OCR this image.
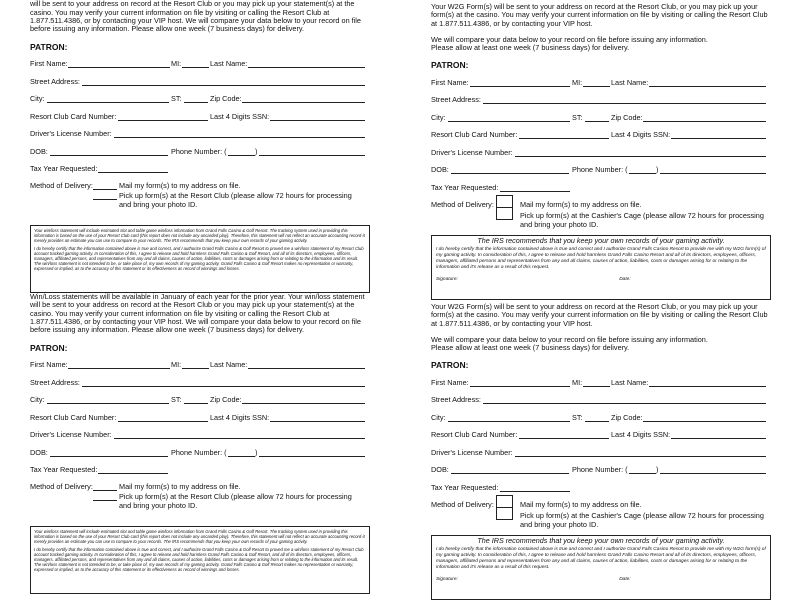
will be sent to your address on record at the Resort Club or you may pick up your statement(s) at the casino. You may verify your current information on file by visiting or calling the Resort Club at 1.877.511.4386, or by contacting your VIP host. We will compare your data below to your record on file before issuing any information. Please allow one week (7 business days) for delivery.
PATRON:
First Name:	MI:	Last Name:
Street Address:
City:	ST:	Zip Code:
Resort Club Card Number:	Last 4 Digits SSN:
Driver's License Number:
DOB:	Phone Number: (	)
Tax Year Requested:
Method of Delivery:	Mail my form(s) to my address on file.
Pick up form(s) at the Resort Club (please allow 72 hours for processing and bring your photo ID.

Your win/loss statement will include estimated slot and table game win/loss information from Grand Falls Casino & Golf Resort. The tracking system used in providing this information is based on the use of your Resort Club card (this report does not include any uncarded play). Therefore, this statement will not reflect an accurate accounting record-it merely provides an estimate you can use to compare to your records. The IRS recommends that you keep your own records of your gaming activity.

I do hereby certify that the information contained above is true and correct, and I authorize Grand Falls Casino & Golf Resort to proved me a win/loss statement of my Resort Club account tracked gaming activity. In consideration of this, I agree to release and hold harmless Grand Falls Casino & Golf Resort, and all of its directors, employees, officers, managers, affiliated persons, and representatives from any and all claims, causes of action, liabilities, costs or damages arising from or relating to the information and its result. The win/loss statement is not intended to be, or take place of, my own records of my gaming activity. Grand Falls Casino & Golf Resort makes no representation or warranty, expressed or implied, as to the accuracy of this statement or its effectiveness as record of winnings and losses.

Win/Loss statements will be available in January of each year for the prior year. Your win/loss statement will be sent to your address on record at the Resort Club or you may pick up your statement(s) at the casino. You may verify your current information on file by visiting or calling the Resort Club at 1.877.511.4386, or by contacting your VIP host. We will compare your data below to your record on file before issuing any information. Please allow one week (7 business days) for delivery.
PATRON:
First Name:	MI:	Last Name:
Street Address:
City:	ST:	Zip Code:
Resort Club Card Number:	Last 4 Digits SSN:
Driver's License Number:
DOB:	Phone Number: (	)
Tax Year Requested:
Method of Delivery:	Mail my form(s) to my address on file.
Pick up form(s) at the Resort Club (please allow 72 hours for processing and bring your photo ID.

Your win/loss statement will include estimated slot and table game win/loss information from Grand Falls Casino & Golf Resort. The tracking system used in providing this information is based on the use of your Resort Club card (this report does not include any uncarded play). Therefore, this statement will not reflect an accurate accounting record-it merely provides an estimate you can use to compare to your records. The IRS recommends that you keep your own records of your gaming activity.

I do hereby certify that the information contained above is true and correct, and I authorize Grand Falls Casino & Golf Resort to proved me a win/loss statement of my Resort Club account tracked gaming activity. In consideration of this, I agree to release and hold harmless Grand Falls Casino & Golf Resort, and all of its directors, employees, officers, managers, affiliated persons, and representatives from any and all claims, causes of action, liabilities, costs or damages arising from or relating to the information and its result. The win/loss statement is not intended to be, or take place of, my own records of my gaming activity. Grand Falls Casino & Golf Resort makes no representation or warranty, expressed or implied, as to the accuracy of this statement or its effectiveness as record of winnings and losses.

Your W2G Form(s) will be sent to your address on record at the Resort Club, or you may pick up your form(s) at the casino. You may verify your current information on file by visiting or calling the Resort Club at 1.877.511.4386, or by contacting your VIP host.
We will compare your data below to your record on file before issuing any information. Please allow at least one week (7 business days) for delivery.
PATRON:
First Name:	MI:	Last Name:
Street Address:
City:	ST:	Zip Code:
Resort Club Card Number:	Last 4 Digits SSN:
Driver's License Number:
DOB:	Phone Number: (	)
Tax Year Requested:
Method of Delivery:	Mail my form(s) to my address on file.
Pick up form(s) at the Cashier's Cage (please allow 72 hours for processing and bring your photo ID.
The IRS recommends that you keep your own records of your gaming activity.
I do hereby certify that the information contained above is true and correct and I authorize Grand Falls Casino Resort to provide me with my W2G form(s) of my gaming activity. In consideration of this, I agree to release and hold harmless Grand Falls Casino Resort and all of its directors, employees, officers, managers, affiliated persons and representatives from any and all claims, causes of action, liabilities, costs or damages arising for or relating to the information and it's release as a result of this request.
Signature:	Date:
Your W2G Form(s) will be sent to your address on record at the Resort Club, or you may pick up your form(s) at the casino. You may verify your current information on file by visiting or calling the Resort Club at 1.877.511.4386, or by contacting your VIP host.
We will compare your data below to your record on file before issuing any information. Please allow at least one week (7 business days) for delivery.
PATRON:
First Name:	MI:	Last Name:
Street Address:
City:	ST:	Zip Code:
Resort Club Card Number:	Last 4 Digits SSN:
Driver's License Number:
DOB:	Phone Number: (	)
Tax Year Requested:
Method of Delivery:	Mail my form(s) to my address on file.
Pick up form(s) at the Cashier's Cage (please allow 72 hours for processing and bring your photo ID.
The IRS recommends that you keep your own records of your gaming activity.
I do hereby certify that the information contained above is true and correct and I authorize Grand Falls Casino Resort to provide me with my W2G form(s) of my gaming activity. In consideration of this, I agree to release and hold harmless Grand Falls Casino Resort and all of its directors, employees, officers, managers, affiliated persons and representatives from any and all claims, causes of action, liabilities, costs or damages arising for or relating to the information and it's release as a result of this request.
Signature:	Date:
